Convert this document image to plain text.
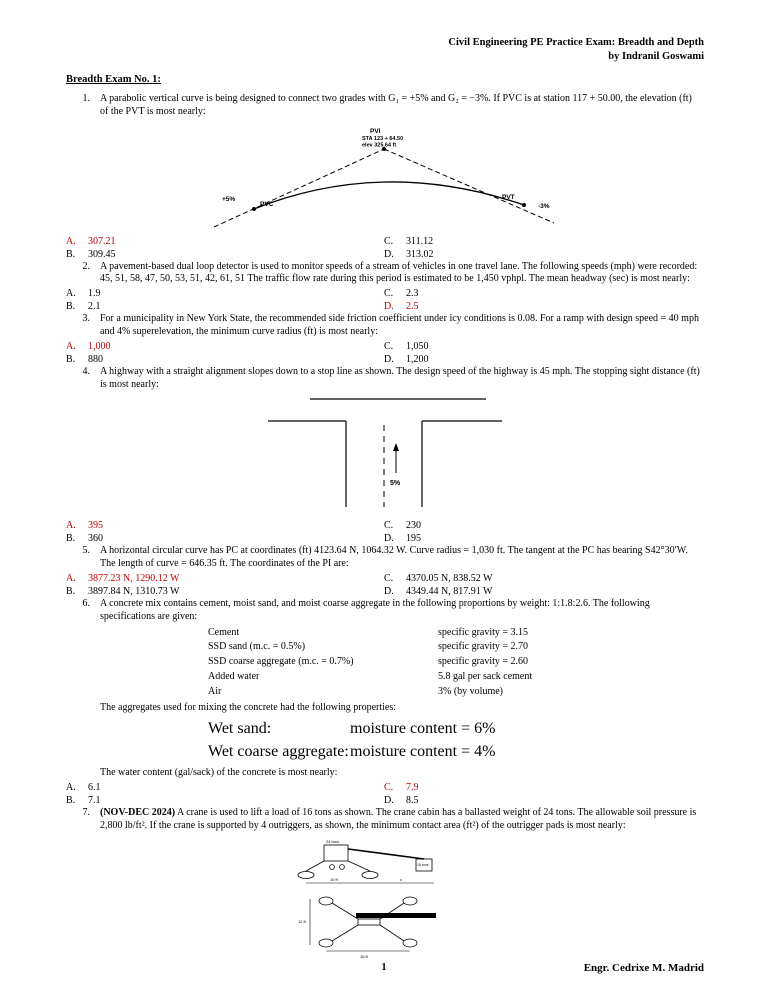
Civil Engineering PE Practice Exam: Breadth and Depth
by Indranil Goswami
Breadth Exam No. 1:
1.	A parabolic vertical curve is being designed to connect two grades with G₁ = +5% and G₂ = −3%. If PVC is at station 117 + 50.00, the elevation (ft) of the PVT is most nearly:

PVI
STA 123 + 64.50
elev 325.64 ft
PVC
PVT
+5%
-3%
A.	307.21
B.	309.45
C.	311.12
D.	313.02
2.	A pavement-based dual loop detector is used to monitor speeds of a stream of vehicles in one travel lane. The following speeds (mph) were recorded: 45, 51, 58, 47, 50, 53, 51, 42, 61, 51 The traffic flow rate during this period is estimated to be 1,450 vphpl. The mean headway (sec) is most nearly:

A.	1.9
B.	2.1
C.	2.3
D.	2.5
3.	For a municipality in New York State, the recommended side friction coefficient under icy conditions is 0.08. For a ramp with design speed = 40 mph and 4% superelevation, the minimum curve radius (ft) is most nearly:

A.	1,000
B.	880
C.	1,050
D.	1,200
4.	A highway with a straight alignment slopes down to a stop line as shown. The design speed of the highway is 45 mph. The stopping sight distance (ft) is most nearly:

5%
A.	395
B.	360
C.	230
D.	195
5.	A horizontal circular curve has PC at coordinates (ft) 4123.64 N, 1064.32 W. Curve radius = 1,030 ft. The tangent at the PC has bearing S42°30′W. The length of curve = 646.35 ft. The coordinates of the PI are:

A.	3877.23 N, 1290.12 W
B.	3897.84 N, 1310.73 W
C.	4370.05 N, 838.52 W
D.	4349.44 N, 817.91 W
6.	A concrete mix contains cement, moist sand, and moist coarse aggregate in the following proportions by weight: 1:1.8:2.6. The following specifications are given:

Cement	specific gravity = 3.15
SSD sand (m.c. = 0.5%)	specific gravity = 2.70
SSD coarse aggregate (m.c. = 0.7%)	specific gravity = 2.60
Added water	5.8 gal per sack cement
Air	3% (by volume)

The aggregates used for mixing the concrete had the following properties:

Wet sand:	moisture content = 6%
Wet coarse aggregate: moisture content = 4%

The water content (gal/sack) of the concrete is most nearly:

A.	6.1
B.	7.1
C.	7.9
D.	8.5
7.	(NOV-DEC 2024) A crane is used to lift a load of 16 tons as shown. The crane cabin has a ballasted weight of 24 tons. The allowable soil pressure is 2,800 lb/ft². If the crane is supported by 4 outriggers, as shown, the minimum contact area (ft²) of the outrigger pads is most nearly:

24 tons
16 tons
10 ft	x
12 ft
16 ft
1	Engr. Cedrixe M. Madrid
